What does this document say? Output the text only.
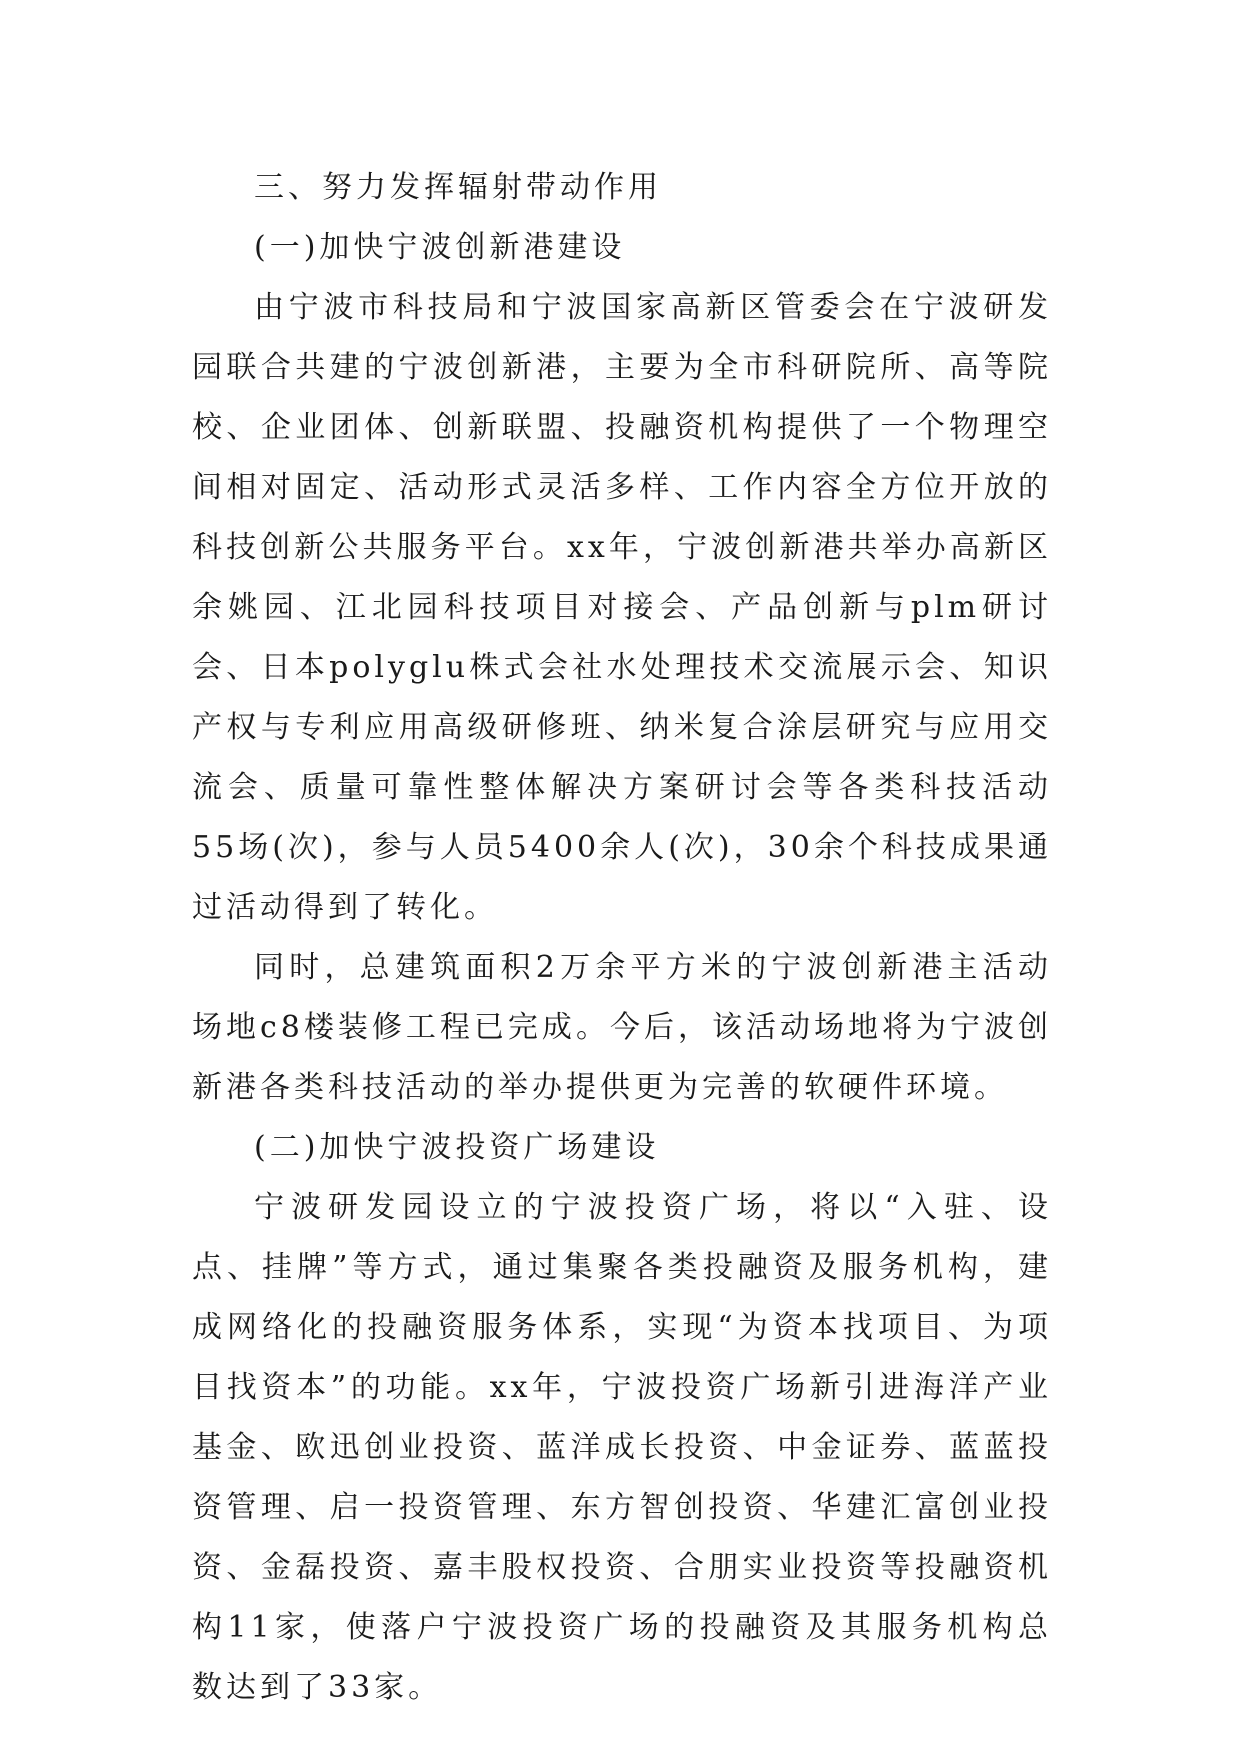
三、努力发挥辐射带动作用

(一)加快宁波创新港建设

由宁波市科技局和宁波国家高新区管委会在宁波研发园联合共建的宁波创新港，主要为全市科研院所、高等院校、企业团体、创新联盟、投融资机构提供了一个物理空间相对固定、活动形式灵活多样、工作内容全方位开放的科技创新公共服务平台。xx年，宁波创新港共举办高新区余姚园、江北园科技项目对接会、产品创新与plm研讨会、日本polyglu株式会社水处理技术交流展示会、知识产权与专利应用高级研修班、纳米复合涂层研究与应用交流会、质量可靠性整体解决方案研讨会等各类科技活动55场(次)，参与人员5400余人(次)，30余个科技成果通过活动得到了转化。

同时，总建筑面积2万余平方米的宁波创新港主活动场地c8楼装修工程已完成。今后，该活动场地将为宁波创新港各类科技活动的举办提供更为完善的软硬件环境。

(二)加快宁波投资广场建设

宁波研发园设立的宁波投资广场，将以“入驻、设点、挂牌”等方式，通过集聚各类投融资及服务机构，建成网络化的投融资服务体系，实现“为资本找项目、为项目找资本”的功能。xx年，宁波投资广场新引进海洋产业基金、欧迅创业投资、蓝洋成长投资、中金证券、蓝蓝投资管理、启一投资管理、东方智创投资、华建汇富创业投资、金磊投资、嘉丰股权投资、合朋实业投资等投融资机构11家，使落户宁波投资广场的投融资及其服务机构总数达到了33家。
